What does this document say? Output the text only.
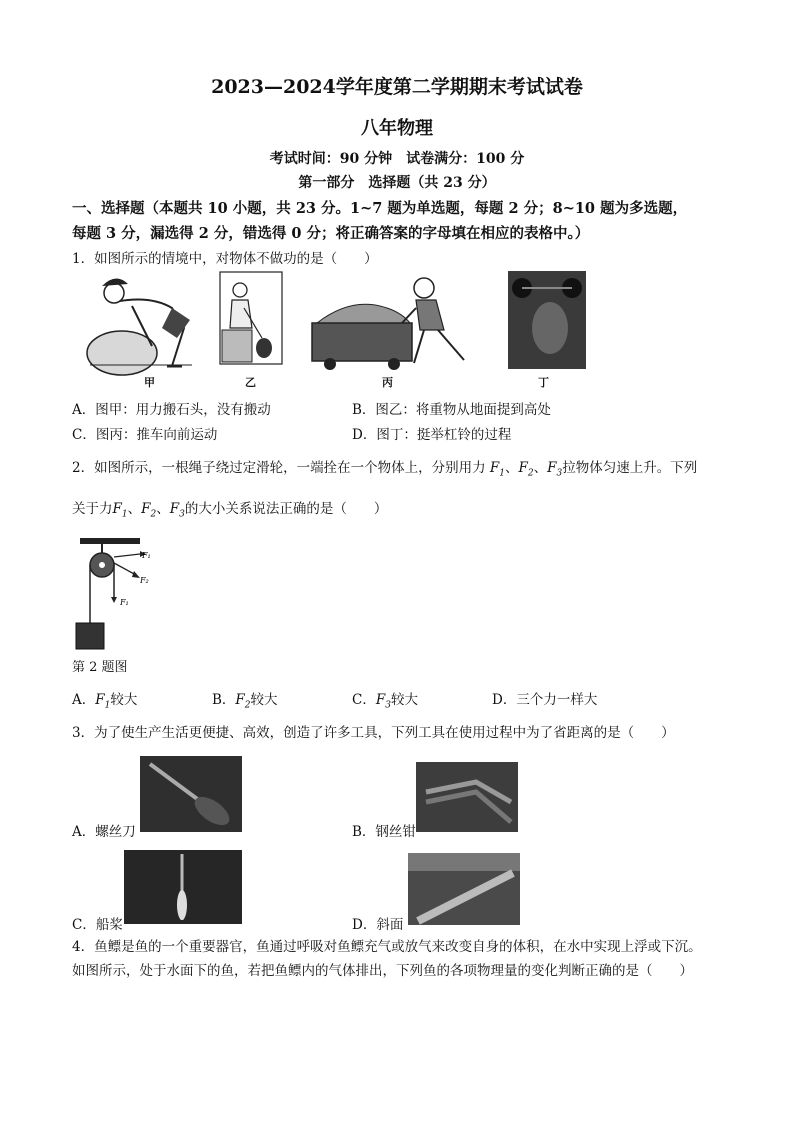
2023—2024学年度第二学期期末考试试卷
八年物理
考试时间：90 分钟　试卷满分：100 分
第一部分　选择题（共 23 分）
一、选择题（本题共 10 小题，共 23 分。1~7 题为单选题，每题 2 分；8~10 题为多选题，
每题 3 分，漏选得 2 分，错选得 0 分；将正确答案的字母填在相应的表格中。）
1．如图所示的情境中，对物体不做功的是（　　）
甲	乙	丙	丁
A．图甲：用力搬石头，没有搬动	B．图乙：将重物从地面提到高处
C．图丙：推车向前运动	D．图丁：挺举杠铃的过程
2．如图所示，一根绳子绕过定滑轮，一端拴在一个物体上，分别用力 $F_1$、$F_2$、$F_3$拉物体匀速上升。下列
关于力$F_1$、$F_2$、$F_3$的大小关系说法正确的是（　　）
F₁
F₂
F₁
第 2 题图
A．$F_1$较大	B．$F_2$较大	C．$F_3$较大	D．三个力一样大
3．为了使生产生活更便捷、高效，创造了许多工具，下列工具在使用过程中为了省距离的是（　　）
A．螺丝刀	B．钢丝钳
C．船桨	D．斜面
4．鱼鳔是鱼的一个重要器官，鱼通过呼吸对鱼鳔充气或放气来改变自身的体积，在水中实现上浮或下沉。
如图所示，处于水面下的鱼，若把鱼鳔内的气体排出，下列鱼的各项物理量的变化判断正确的是（　　）
